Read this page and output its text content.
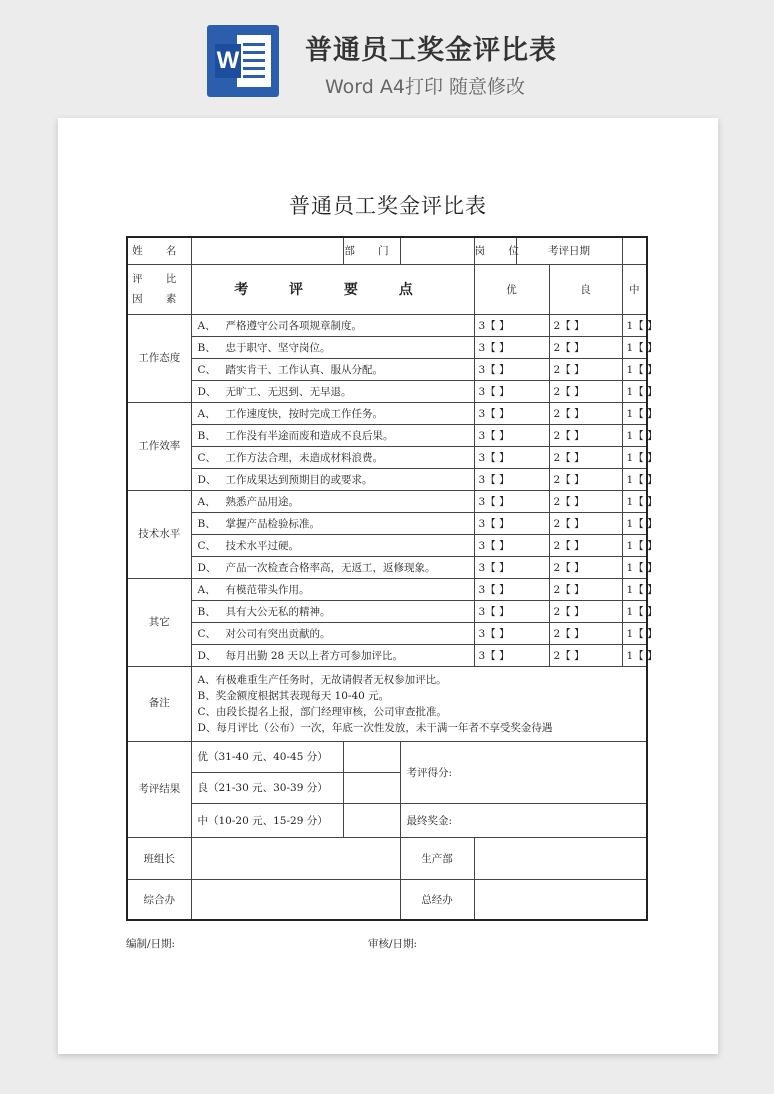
W 普通员工奖金评比表
Word A4打印 随意修改
普通员工奖金评比表
姓 名		部 门		岗 位	考评日期		

评 比
因 素	考 评 要 点			优		良	中
工作态度	A、 严格遵守公司各项规章制度。			3【 】		2【 】	1【 】
	B、 忠于职守、坚守岗位。			3【 】		2【 】	1【 】
	C、 踏实肯干、工作认真、服从分配。			3【 】		2【 】	1【 】
	D、 无旷工、无迟到、无早退。			3【 】		2【 】	1【 】
工作效率	A、 工作速度快，按时完成工作任务。			3【 】		2【 】	1【 】
	B、 工作没有半途而废和造成不良后果。			3【 】		2【 】	1【 】
	C、 工作方法合理，未造成材料浪费。			3【 】		2【 】	1【 】
	D、 工作成果达到预期目的或要求。			3【 】		2【 】	1【 】
技术水平	A、 熟悉产品用途。			3【 】		2【 】	1【 】
	B、 掌握产品检验标准。			3【 】		2【 】	1【 】
	C、 技术水平过硬。			3【 】		2【 】	1【 】
	D、 产品一次检查合格率高，无返工，返修现象。			3【 】		2【 】	1【 】
其它	A、 有模范带头作用。			3【 】		2【 】	1【 】
	B、 具有大公无私的精神。			3【 】		2【 】	1【 】
	C、 对公司有突出贡献的。			3【 】		2【 】	1【 】
	D、 每月出勤 28 天以上者方可参加评比。			3【 】		2【 】	1【 】
备注	A、有极难重生产任务时，无故请假者无权参加评比。
B、奖金额度根据其表现每天 10-40 元。
C、由段长提名上报，部门经理审核，公司审查批准。
D、每月评比（公布）一次，年底一次性发放，未干满一年者不享受奖金待遇						

考评结果	优（31-40 元、40-45 分）		考评得分:				
	良（21-30 元、30-39 分）						
	中（10-20 元、15-29 分）		最终奖金:				
班组长			生产部				
综合办			总经办				
编制/日期:	审核/日期:
